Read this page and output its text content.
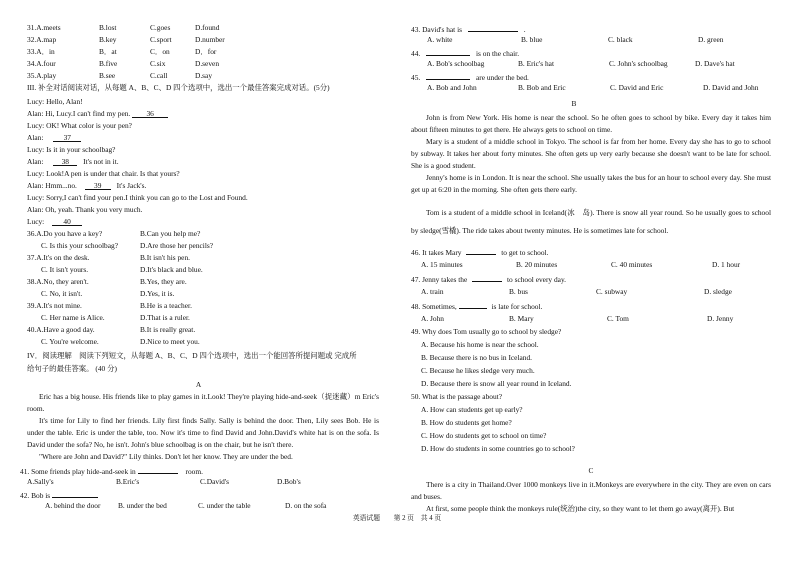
31.A.meets	B.lost	C.goes	D.found
32.A.map	B.key	C.sport	D.number
33.A．in	B．at	C．on	D．for
34.A.four	B.five	C.six	D.seven
35.A.play	B.see	C.call	D.say
III. 补全对话阅读对话，从每题 A、B、C、D 四个选项中，选出一个最佳答案完成对话。(5分)
Lucy: Hello, Alan!
Alan: Hi, Lucy.I can't find my pen. 36
Lucy: OK! What color is your pen?
Alan:	37
Lucy: Is it in your schoolbag?
Alan: 38 It's not in it.
Lucy: Look!A pen is under that chair. Is that yours?
Alan: Hmm...no. 39 It's Jack's.
Lucy: Sorry,I can't find your pen.I think you can go to the Lost and Found.
Alan: Oh, yeah. Thank you very much.
Lucy:	40
36.A.Do you have a key?	B.Can you help me?
C. Is this your schoolbag?	D.Are those her pencils?
37.A.It's on the desk.	B.It isn't his pen.
C. It isn't yours.	D.It's black and blue.
38.A.No, they aren't.	B.Yes, they are.
C. No, it isn't.	D.Yes, it is.
39.A.It's not mine.	B.He is a teacher.
C. Her name is Alice.	D.That is a ruler.
40.A.Have a good day.	B.It is really great.
C. You're welcome.	D.Nice to meet you.
IV．阅读理解　阅读下列短文，从每题 A、B、C、D 四个选项中，选出一个能回答所提问题或 完成所
给句子的最佳答案。 (40 分)
A
Eric has a big house. His friends like to play games in it.Look! They're playing hide-and-seek（捉迷藏）m Eric's room.
It's time for Lily to find her friends. Lily first finds Sally. Sally is behind the door. Then, Lily sees Bob. He is under the table. Eric is under the table, too. Now it's time to find David and John.David's white hat is on the sofa. Is David under the sofa? No, he isn't. John's blue schoolbag is on the chair, but he isn't there.
"Where are John and David?" Lily thinks. Don't let her know. They are under the bed.
41. Some friends play hide-and-seek in	room.
A.Sally's	B.Eric's	C.David's	D.Bob's
42. Bob is
A. behind the door B. under the bed	C. under the table	D. on the sofa
43. David's hat is	.
A. white	B. blue	C. black	D. green
44.	is on the chair.
A. Bob's schoolbag	B. Eric's hat	C. John's schoolbag	D. Dave's hat
45.	are under the bed.
A. Bob and John	B. Bob and Eric	C. David and Eric	D. David and John
B
John is from New York. His home is near the school. So he often goes to school by bike. Every day it takes him about fifteen minutes to get there. He always gets to school on time.
Mary is a student of a middle school in Tokyo. The school is far from her home. Every day she has to go to school by subway. It takes her about forty minutes. She often gets up very early because she doesn't want to be late for school. She is a good student.
Jenny's home is in London. It is near the school. She usually takes the bus for an hour to school every day. She must get up at 6:20 in the morning. She often gets there early.
Tom is a student of a middle school in Iceland(冰　岛). There is snow all year round. So he usually goes to school by sledge(雪橇). The ride takes about twenty minutes. He is sometimes late for school.
46. It takes Mary	to get to school.
A. 15 minutes	B. 20 minutes	C. 40 minutes	D. 1 hour
47. Jenny takes the	to school every day.
A. train	B. bus	C. subway	D. sledge
48. Sometimes,	is late for school.
A. John	B. Mary	C. Tom	D. Jenny
49. Why does Tom usually go to school by sledge?
A. Because his home is near the school.
B. Because there is no bus in Iceland.
C. Because he likes sledge very much.
D. Because there is snow all year round in Iceland.
50. What is the passage about?
A. How can students get up early?
B. How do students get home?
C. How do students get to school on time?
D. How do students in some countries go to school?
C
There is a city in Thailand.Over 1000 monkeys live in it.Monkeys are everywhere in the city. They are even on cars and buses.
At first, some people think the monkeys rule(统治)the city, so they want to let them go away(离开). But
英语试题　　第 2 页　共 4 页
